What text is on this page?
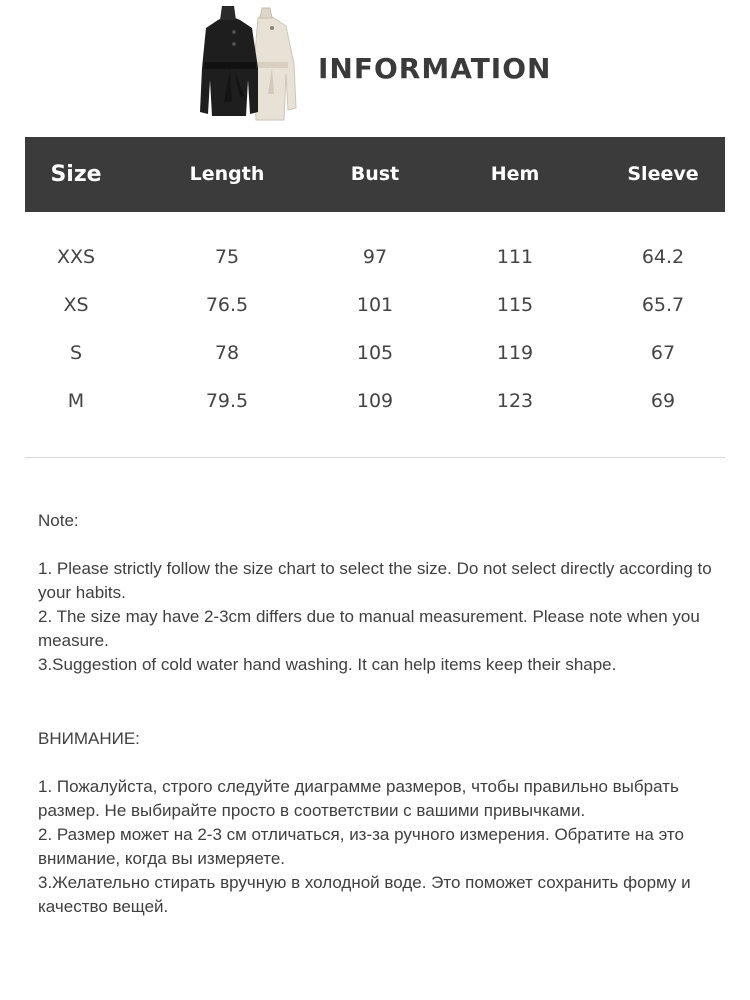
INFORMATION
Size	Length	Bust	Hem	Sleeve
XXS	75	97	111	64.2
XS	76.5	101	115	65.7
S	78	105	119	67
M	79.5	109	123	69

Note:

1. Please strictly follow the size chart to select the size. Do not select directly according to your habits.

2. The size may have 2-3cm differs due to manual measurement. Please note when you measure.

3.Suggestion of cold water hand washing. It can help items keep their shape.

ВНИМАНИЕ:

1. Пожалуйста, строго следуйте диаграмме размеров, чтобы правильно выбрать размер. Не выбирайте просто в соответствии с вашими привычками.

2. Размер может на 2-3 см отличаться, из-за ручного измерения. Обратите на это внимание, когда вы измеряете.

3.Желательно стирать вручную в холодной воде. Это поможет сохранить форму и качество вещей.
